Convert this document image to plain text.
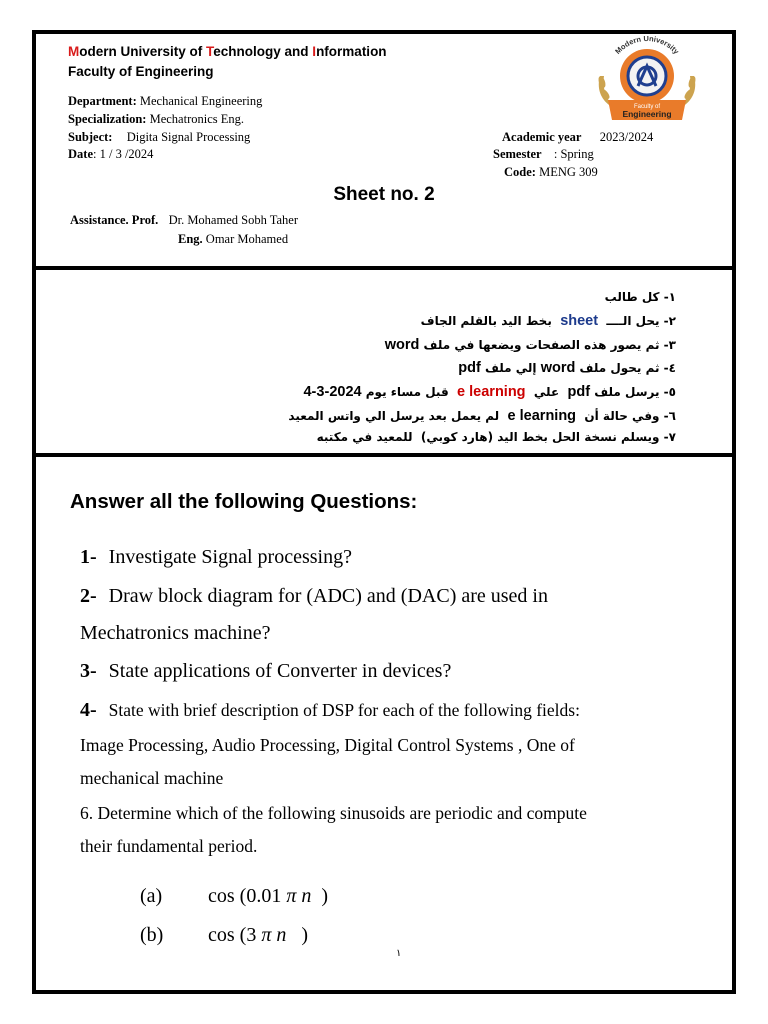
Modern University of Technology and Information
Faculty of Engineering
Department: Mechanical Engineering
Specialization: Mechatronics Eng.
Subject: Digita Signal Processing
Date: 1 / 3 /2024
Academic year 2023/2024
Semester : Spring
Code: MENG 309
Modern University
Faculty of
Engineering
Sheet no. 2
Assistance. Prof. Dr. Mohamed Sobh Taher
Eng. Omar Mohamed
١- كل طالب
٢- يحل الــــ  sheet  بخط اليد بالقلم الجاف
٣- ثم يصور هذه الصفحات ويضعها في ملف word
٤- ثم يحول ملف word إلي ملف pdf
٥- يرسل ملف pdf  علي  e learning  قبل مساء يوم 2024-3-4
٦- وفي حالة أن  e learning  لم يعمل بعد يرسل الي واتس المعيد
٧- ويسلم نسخة الحل بخط اليد (هارد كوبي)  للمعيد في مكتبه
Answer all the following Questions:
1- Investigate Signal processing?
2- Draw block diagram for (ADC) and (DAC) are used in
Mechatronics machine?
3- State applications of Converter in devices?
4- State with brief description of DSP for each of the following fields:
Image Processing, Audio Processing, Digital Control Systems , One of
mechanical machine
6. Determine which of the following sinusoids are periodic and compute
their fundamental period.
(a) cos (0.01 π n  )
(b) cos (3 π n   )
١
